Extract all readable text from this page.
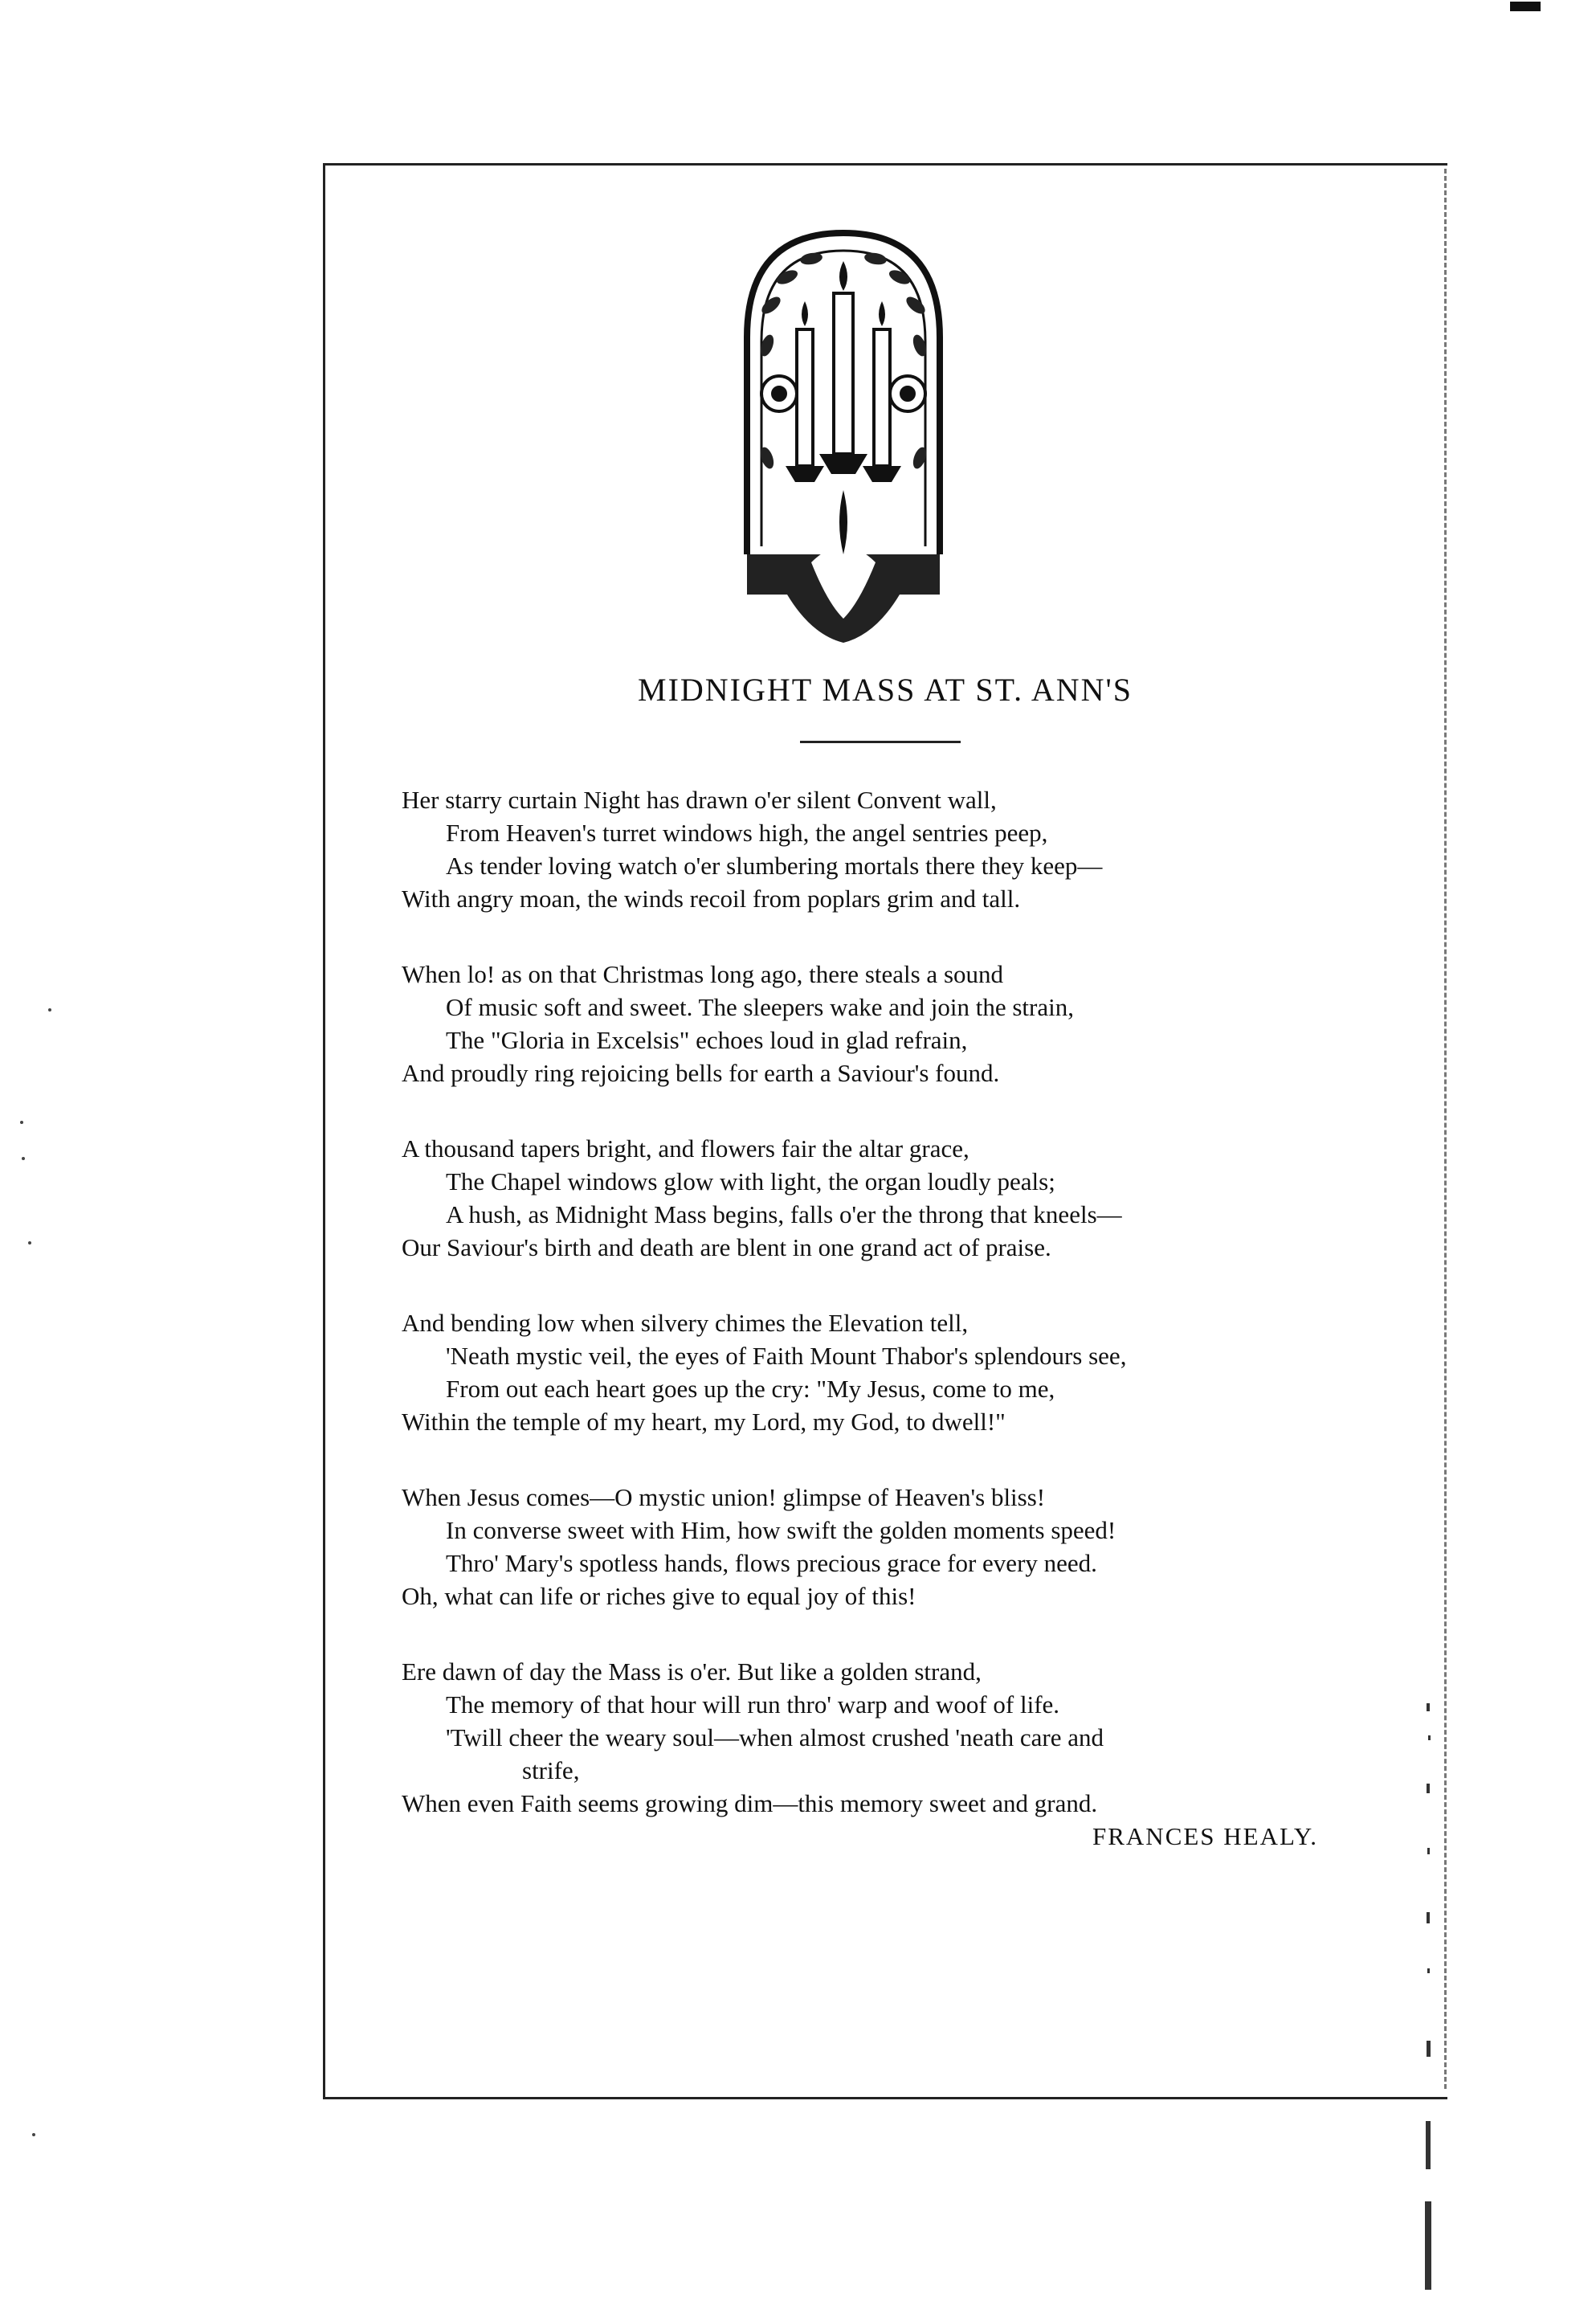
MIDNIGHT MASS AT ST. ANN'S
Her starry curtain Night has drawn o'er silent Convent wall,
From Heaven's turret windows high, the angel sentries peep,
As tender loving watch o'er slumbering mortals there they keep—
With angry moan, the winds recoil from poplars grim and tall.
When lo! as on that Christmas long ago, there steals a sound
Of music soft and sweet. The sleepers wake and join the strain,
The "Gloria in Excelsis" echoes loud in glad refrain,
And proudly ring rejoicing bells for earth a Saviour's found.
A thousand tapers bright, and flowers fair the altar grace,
The Chapel windows glow with light, the organ loudly peals;
A hush, as Midnight Mass begins, falls o'er the throng that kneels—
Our Saviour's birth and death are blent in one grand act of praise.
And bending low when silvery chimes the Elevation tell,
'Neath mystic veil, the eyes of Faith Mount Thabor's splendours see,
From out each heart goes up the cry: "My Jesus, come to me,
Within the temple of my heart, my Lord, my God, to dwell!"
When Jesus comes—O mystic union! glimpse of Heaven's bliss!
In converse sweet with Him, how swift the golden moments speed!
Thro' Mary's spotless hands, flows precious grace for every need.
Oh, what can life or riches give to equal joy of this!
Ere dawn of day the Mass is o'er. But like a golden strand,
The memory of that hour will run thro' warp and woof of life.
'Twill cheer the weary soul—when almost crushed 'neath care and
strife,
When even Faith seems growing dim—this memory sweet and grand.
FRANCES HEALY.
